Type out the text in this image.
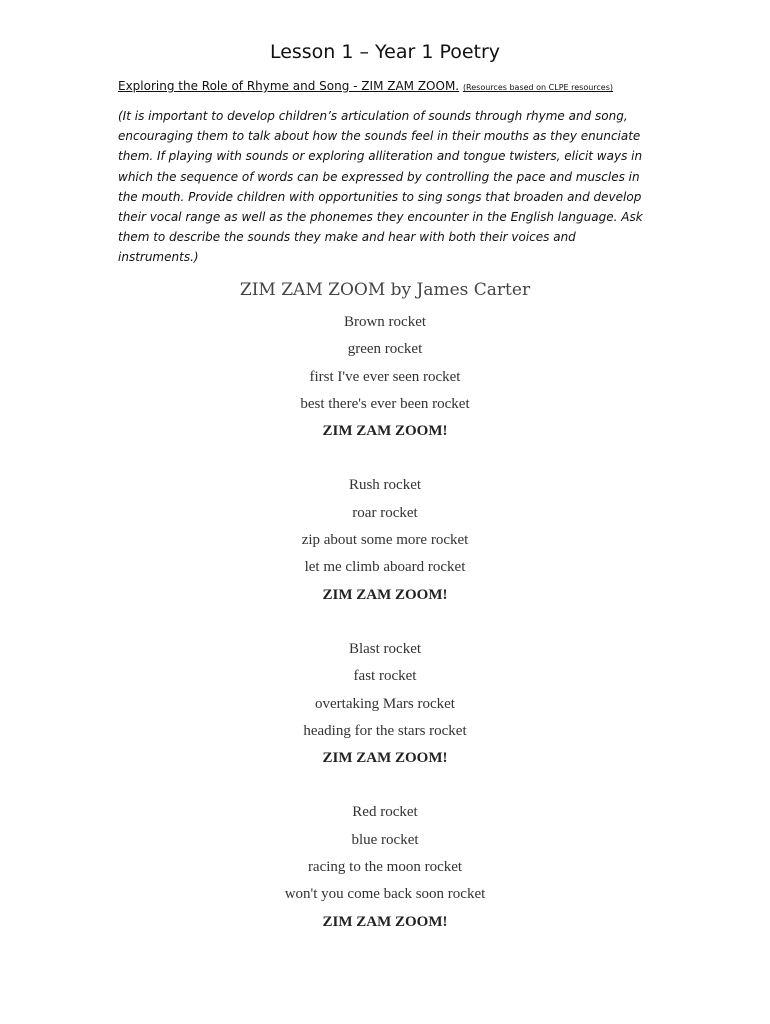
Lesson 1 – Year 1 Poetry
Exploring the Role of Rhyme and Song - ZIM ZAM ZOOM. (Resources based on CLPE resources)
(It is important to develop children’s articulation of sounds through rhyme and song,
encouraging them to talk about how the sounds feel in their mouths as they enunciate
them. If playing with sounds or exploring alliteration and tongue twisters, elicit ways in
which the sequence of words can be expressed by controlling the pace and muscles in
the mouth. Provide children with opportunities to sing songs that broaden and develop
their vocal range as well as the phonemes they encounter in the English language. Ask
them to describe the sounds they make and hear with both their voices and
instruments.)
ZIM ZAM ZOOM by James Carter
Brown rocket
green rocket
first I've ever seen rocket
best there's ever been rocket
ZIM ZAM ZOOM!
Rush rocket
roar rocket
zip about some more rocket
let me climb aboard rocket
ZIM ZAM ZOOM!
Blast rocket
fast rocket
overtaking Mars rocket
heading for the stars rocket
ZIM ZAM ZOOM!
Red rocket
blue rocket
racing to the moon rocket
won't you come back soon rocket
ZIM ZAM ZOOM!
